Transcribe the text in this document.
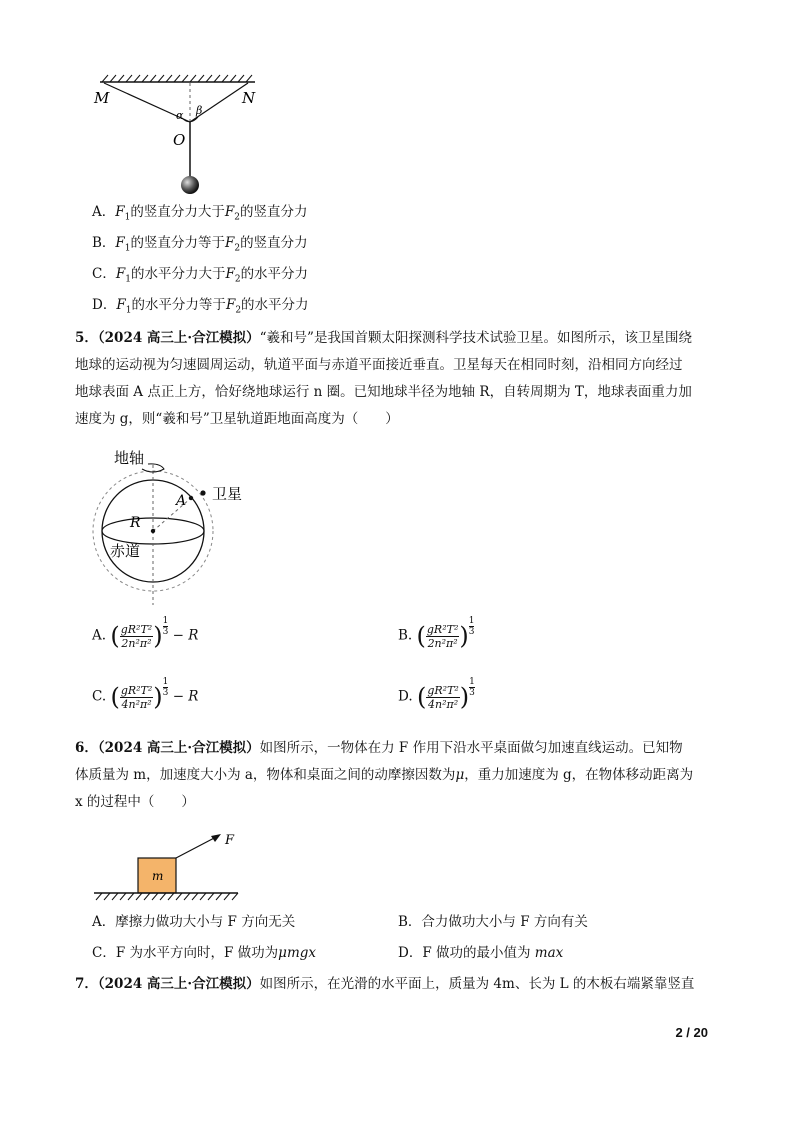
M	N
α β
O
A．$F_1$的竖直分力大于$F_2$的竖直分力
B．$F_1$的竖直分力等于$F_2$的竖直分力
C．$F_1$的水平分力大于$F_2$的水平分力
D．$F_1$的水平分力等于$F_2$的水平分力
5．（2024 高三上·合江模拟）“羲和号”是我国首颗太阳探测科学技术试验卫星。如图所示，该卫星围绕地球的运动视为匀速圆周运动，轨道平面与赤道平面接近垂直。卫星每天在相同时刻，沿相同方向经过地球表面 A 点正上方，恰好绕地球运行 n 圈。已知地球半径为地轴 R，自转周期为 T，地球表面重力加速度为 g，则“羲和号”卫星轨道距地面高度为（　　）
地轴
卫星
A
R
赤道
A. ( $\frac{\text{gR²T²}}{\text{2n²π²}}$ ) $\frac{1}{3} - R$	B. ( $\frac{\text{gR²T²}}{\text{2n²π²}}$ ) $\frac{1}{3}$
C. ( $\frac{\text{gR²T²}}{\text{4n²π²}}$ ) $\frac{1}{3} - R$	D. ( $\frac{\text{gR²T²}}{\text{4n²π²}}$ ) $\frac{1}{3}$
6．（2024 高三上·合江模拟）如图所示，一物体在力 F 作用下沿水平桌面做匀加速直线运动。已知物体质量为 m，加速度大小为 a，物体和桌面之间的动摩擦因数为μ，重力加速度为 g，在物体移动距离为 x 的过程中（　　）
m
F
A．摩擦力做功大小与 F 方向无关	B．合力做功大小与 F 方向有关
C．F 为水平方向时，F 做功为μmgx	D．F 做功的最小值为 max
7．（2024 高三上·合江模拟）如图所示，在光滑的水平面上，质量为 4m、长为 L 的木板右端紧靠竖直
2 / 20
